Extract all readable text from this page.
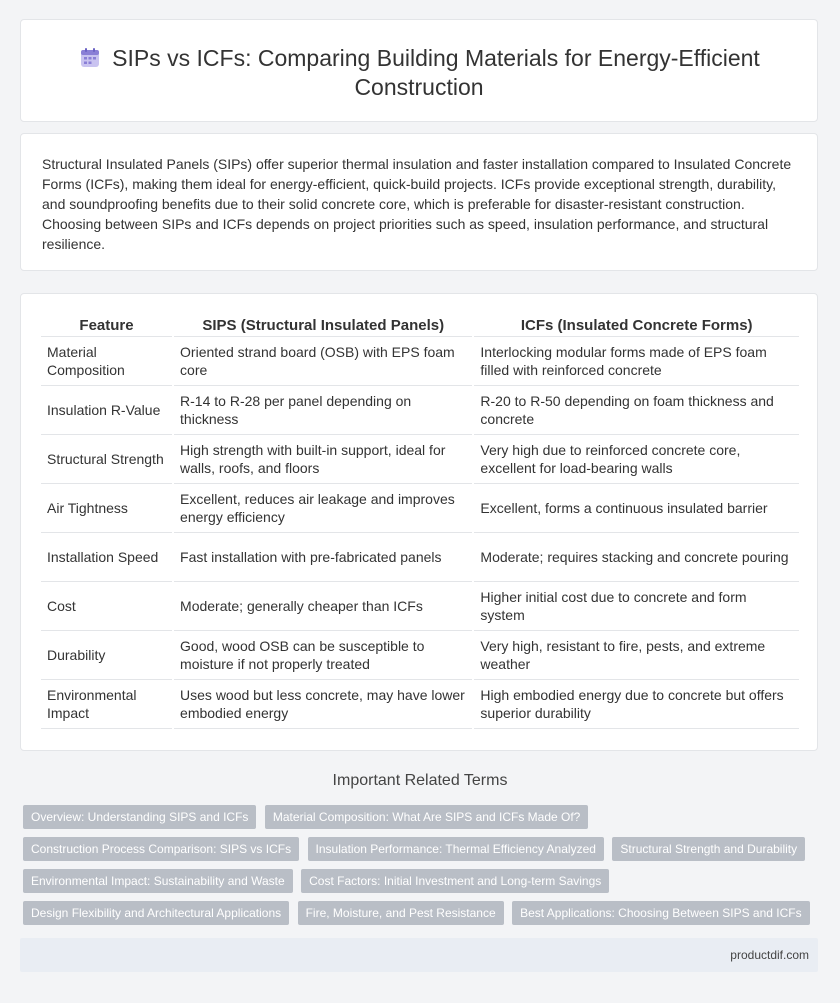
SIPs vs ICFs: Comparing Building Materials for Energy-Efficient Construction
Structural Insulated Panels (SIPs) offer superior thermal insulation and faster installation compared to Insulated Concrete Forms (ICFs), making them ideal for energy-efficient, quick-build projects. ICFs provide exceptional strength, durability, and soundproofing benefits due to their solid concrete core, which is preferable for disaster-resistant construction. Choosing between SIPs and ICFs depends on project priorities such as speed, insulation performance, and structural resilience.
Feature	SIPS (Structural Insulated Panels)	ICFs (Insulated Concrete Forms)
Material Composition	Oriented strand board (OSB) with EPS foam core	Interlocking modular forms made of EPS foam filled with reinforced concrete
Insulation R-Value	R-14 to R-28 per panel depending on thickness	R-20 to R-50 depending on foam thickness and concrete
Structural Strength	High strength with built-in support, ideal for walls, roofs, and floors	Very high due to reinforced concrete core, excellent for load-bearing walls
Air Tightness	Excellent, reduces air leakage and improves energy efficiency	Excellent, forms a continuous insulated barrier
Installation Speed	Fast installation with pre-fabricated panels	Moderate; requires stacking and concrete pouring
Cost	Moderate; generally cheaper than ICFs	Higher initial cost due to concrete and form system
Durability	Good, wood OSB can be susceptible to moisture if not properly treated	Very high, resistant to fire, pests, and extreme weather
Environmental Impact	Uses wood but less concrete, may have lower embodied energy	High embodied energy due to concrete but offers superior durability
Important Related Terms
Overview: Understanding SIPS and ICFs Material Composition: What Are SIPS and ICFs Made Of?
Construction Process Comparison: SIPS vs ICFs Insulation Performance: Thermal Efficiency Analyzed Structural Strength and Durability
Environmental Impact: Sustainability and Waste Cost Factors: Initial Investment and Long-term Savings
Design Flexibility and Architectural Applications Fire, Moisture, and Pest Resistance Best Applications: Choosing Between SIPS and ICFs
productdif.com
